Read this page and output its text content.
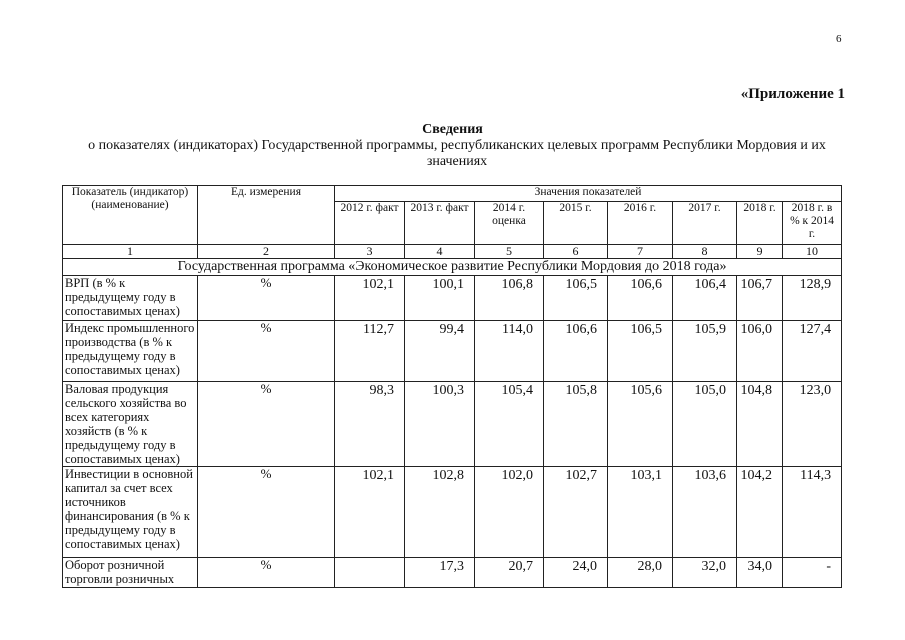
6
«Приложение 1
Сведения
о показателях (индикаторах) Государственной программы, республиканских целевых программ Республики Мордовия и их значениях
Показатель (индикатор) (наименование)	Ед. измерения	Значения показателей							
		2012 г. факт	2013 г. факт	2014 г. оценка	2015 г.	2016 г.	2017 г.	2018 г.	2018 г. в % к 2014 г.
1	2	3	4	5	6	7	8	9	10
Государственная программа «Экономическое развитие Республики Мордовия до 2018 года»									
ВРП (в % к предыдущему году в сопоставимых ценах)	%	102,1	100,1	106,8	106,5	106,6	106,4	106,7	128,9
Индекс промышленного производства (в % к предыдущему году в сопоставимых ценах)	%	112,7	99,4	114,0	106,6	106,5	105,9	106,0	127,4
Валовая продукция сельского хозяйства во всех категориях хозяйств (в % к предыдущему году в сопоставимых ценах)	%	98,3	100,3	105,4	105,8	105,6	105,0	104,8	123,0
Инвестиции в основной капитал за счет всех источников финансирования (в % к предыдущему году в сопоставимых ценах)	%	102,1	102,8	102,0	102,7	103,1	103,6	104,2	114,3
Оборот розничной торговли розничных	%		17,3	20,7	24,0	28,0	32,0	34,0	-
